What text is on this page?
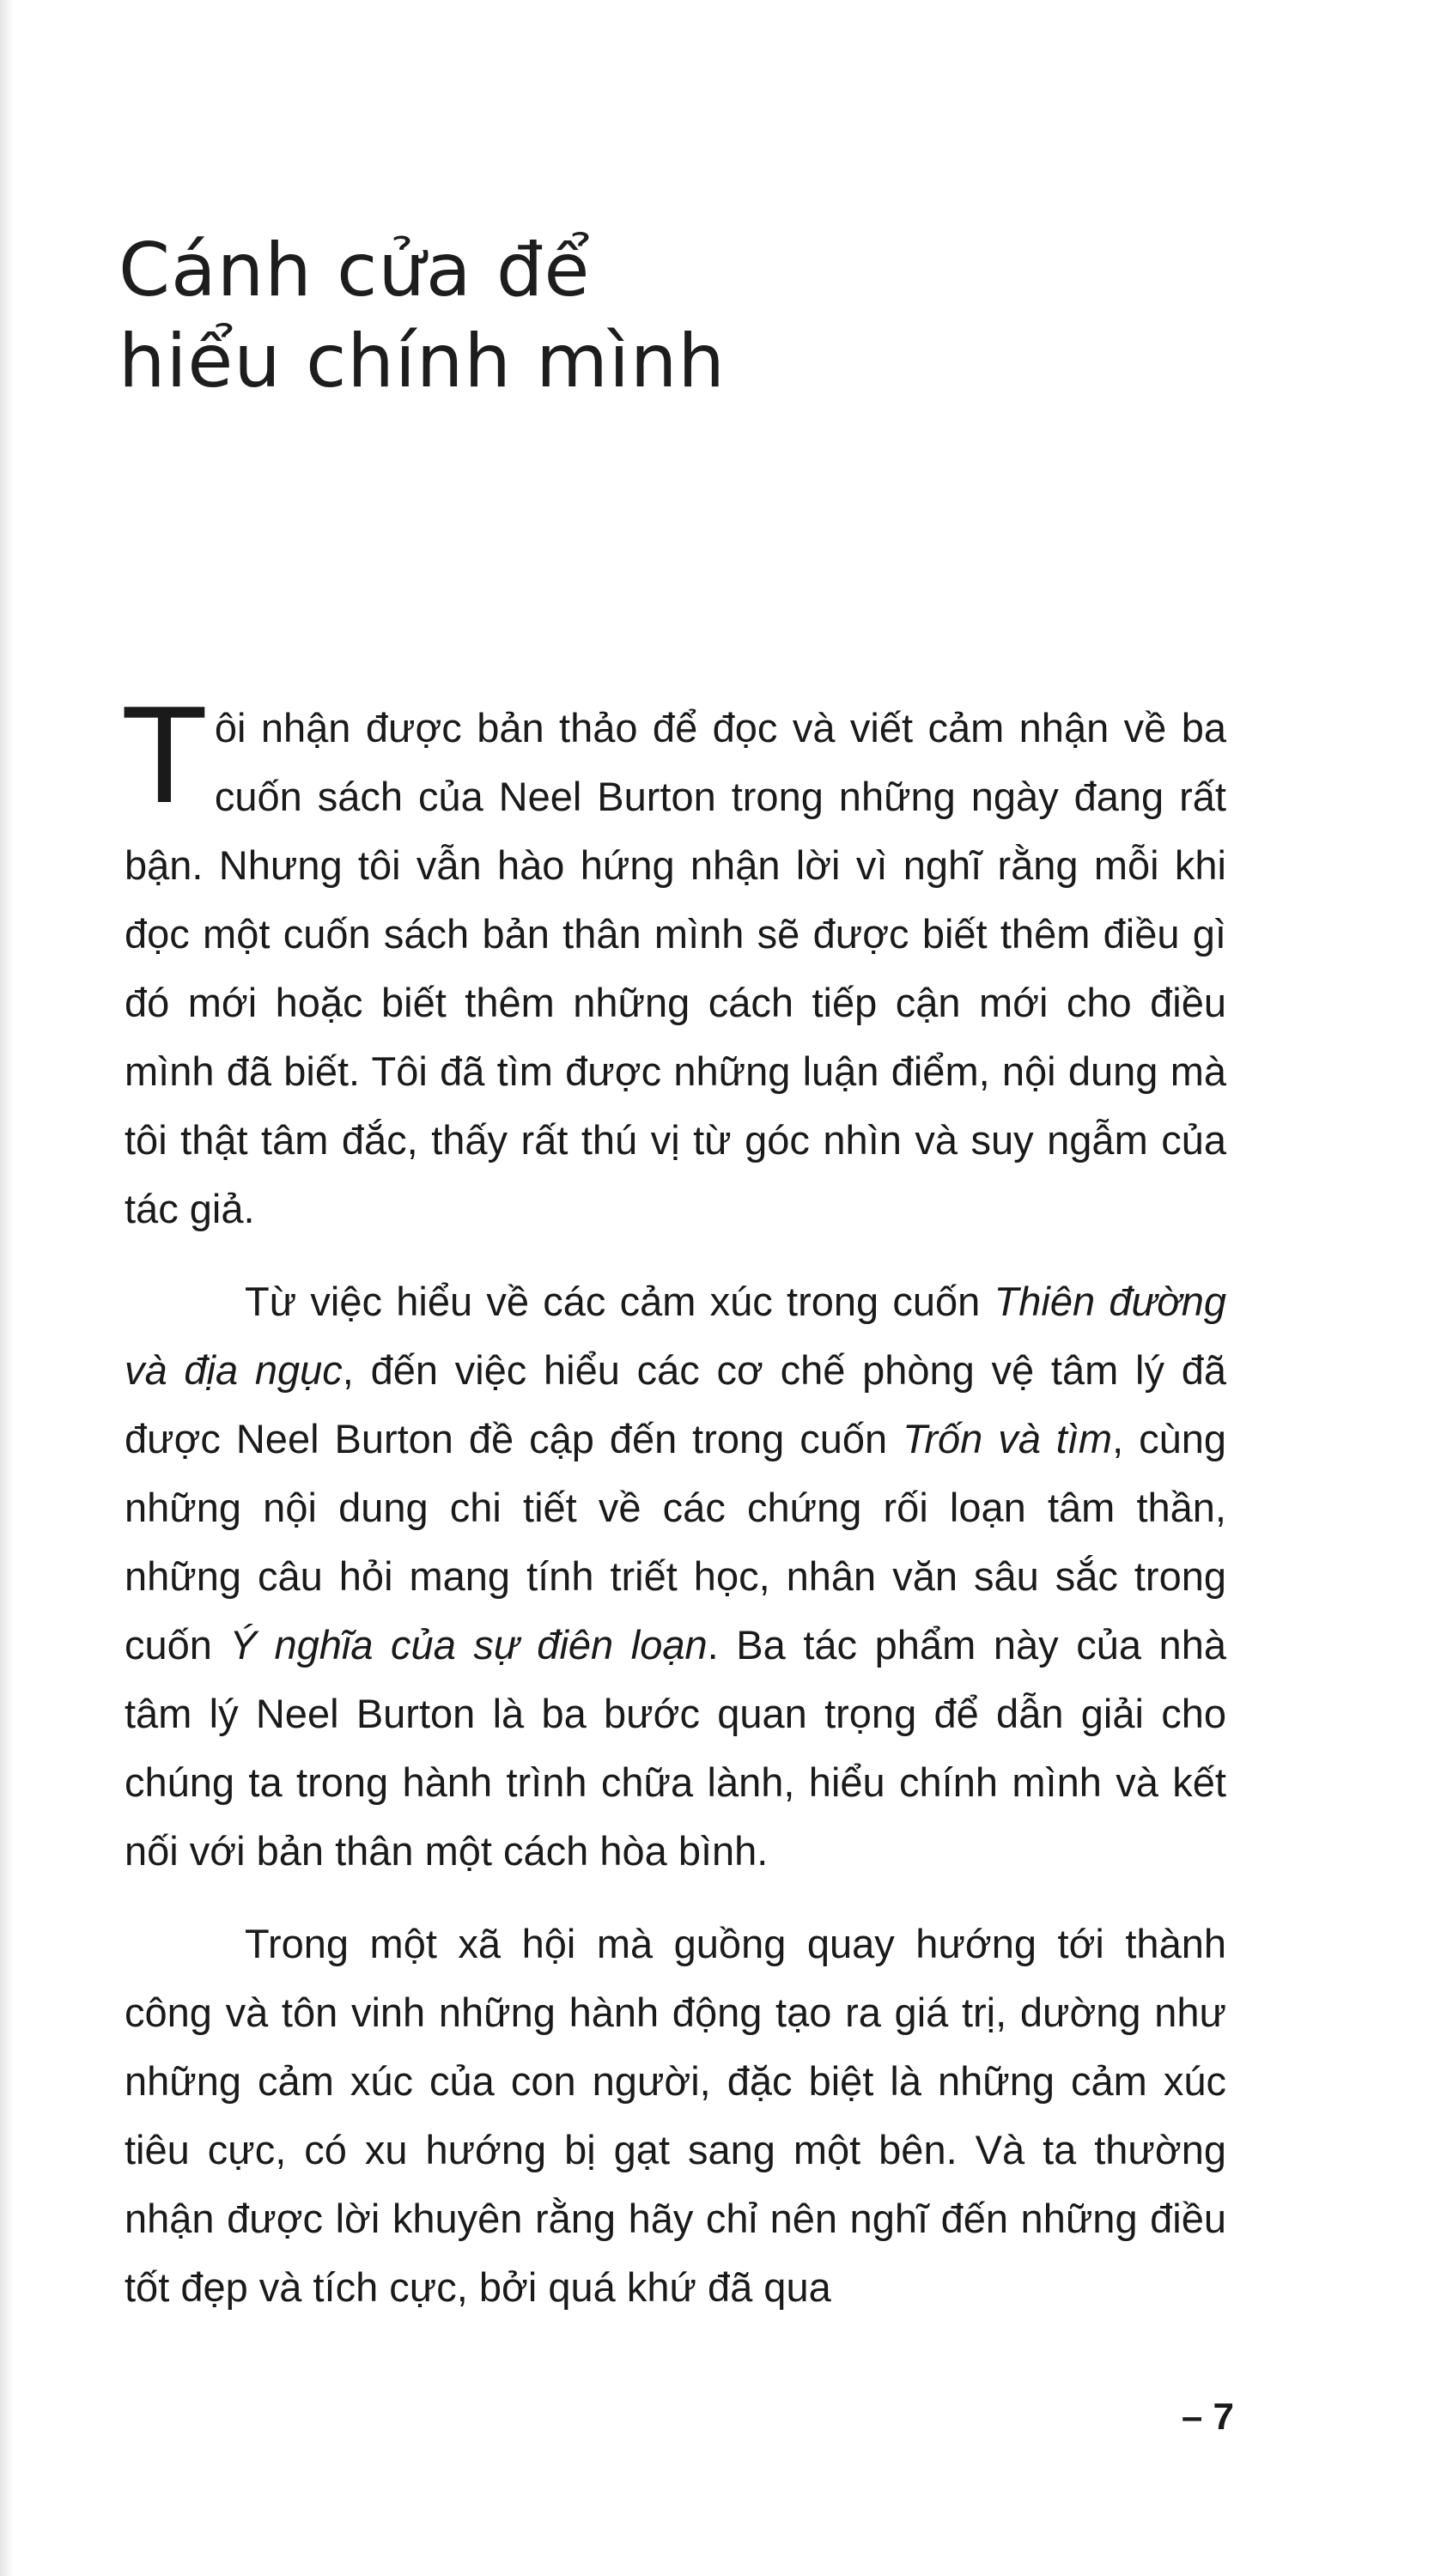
Cánh cửa để
hiểu chính mình

Tôi nhận được bản thảo để đọc và viết cảm nhận về ba cuốn sách của Neel Burton trong những ngày đang rất bận. Nhưng tôi vẫn hào hứng nhận lời vì nghĩ rằng mỗi khi đọc một cuốn sách bản thân mình sẽ được biết thêm điều gì đó mới hoặc biết thêm những cách tiếp cận mới cho điều mình đã biết. Tôi đã tìm được những luận điểm, nội dung mà tôi thật tâm đắc, thấy rất thú vị từ góc nhìn và suy ngẫm của tác giả.

Từ việc hiểu về các cảm xúc trong cuốn Thiên đường và địa ngục, đến việc hiểu các cơ chế phòng vệ tâm lý đã được Neel Burton đề cập đến trong cuốn Trốn và tìm, cùng những nội dung chi tiết về các chứng rối loạn tâm thần, những câu hỏi mang tính triết học, nhân văn sâu sắc trong cuốn Ý nghĩa của sự điên loạn. Ba tác phẩm này của nhà tâm lý Neel Burton là ba bước quan trọng để dẫn giải cho chúng ta trong hành trình chữa lành, hiểu chính mình và kết nối với bản thân một cách hòa bình.

Trong một xã hội mà guồng quay hướng tới thành công và tôn vinh những hành động tạo ra giá trị, dường như những cảm xúc của con người, đặc biệt là những cảm xúc tiêu cực, có xu hướng bị gạt sang một bên. Và ta thường nhận được lời khuyên rằng hãy chỉ nên nghĩ đến những điều tốt đẹp và tích cực, bởi quá khứ đã qua

– 7
